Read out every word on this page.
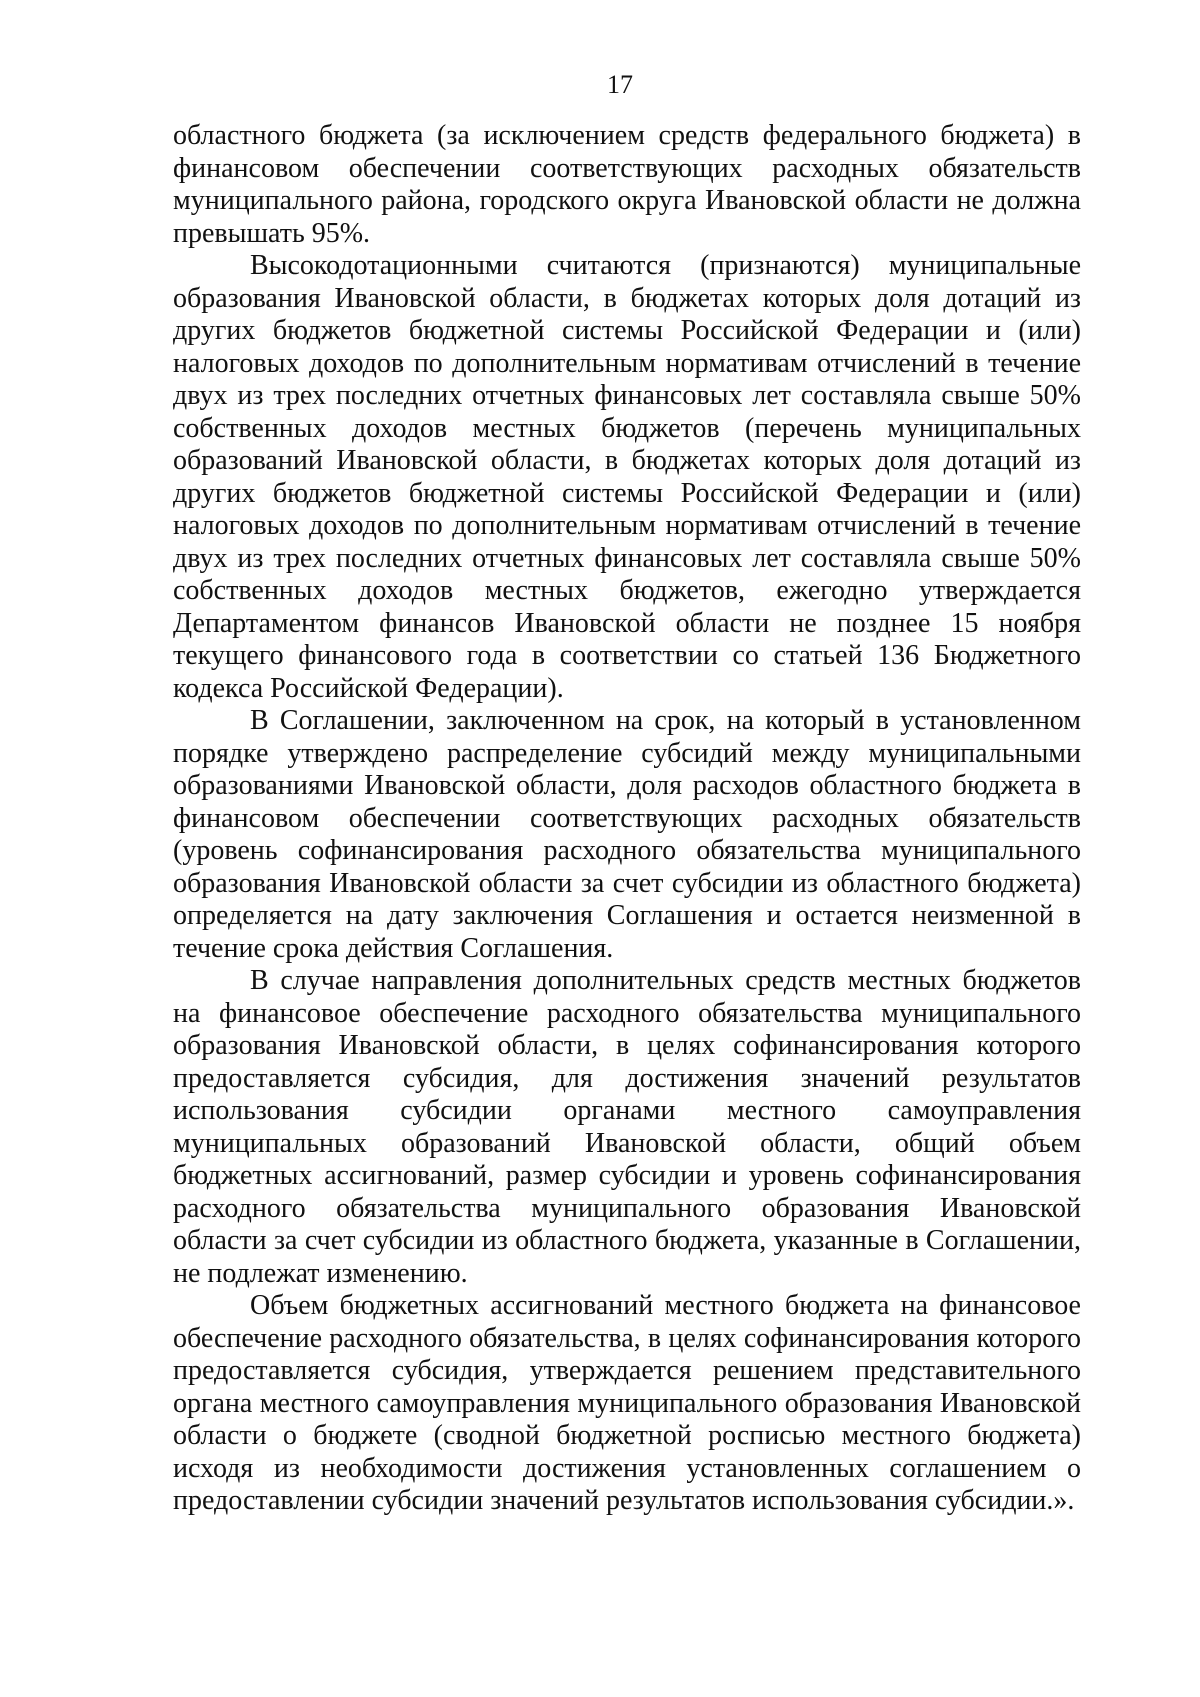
17

областного бюджета (за исключением средств федерального бюджета) в финансовом обеспечении соответствующих расходных обязательств муниципального района, городского округа Ивановской области не должна превышать 95%.

Высокодотационными считаются (признаются) муниципальные образования Ивановской области, в бюджетах которых доля дотаций из других бюджетов бюджетной системы Российской Федерации и (или) налоговых доходов по дополнительным нормативам отчислений в течение двух из трех последних отчетных финансовых лет составляла свыше 50% собственных доходов местных бюджетов (перечень муниципальных образований Ивановской области, в бюджетах которых доля дотаций из других бюджетов бюджетной системы Российской Федерации и (или) налоговых доходов по дополнительным нормативам отчислений в течение двух из трех последних отчетных финансовых лет составляла свыше 50% собственных доходов местных бюджетов, ежегодно утверждается Департаментом финансов Ивановской области не позднее 15 ноября текущего финансового года в соответствии со статьей 136 Бюджетного кодекса Российской Федерации).

В Соглашении, заключенном на срок, на который в установленном порядке утверждено распределение субсидий между муниципальными образованиями Ивановской области, доля расходов областного бюджета в финансовом обеспечении соответствующих расходных обязательств (уровень софинансирования расходного обязательства муниципального образования Ивановской области за счет субсидии из областного бюджета) определяется на дату заключения Соглашения и остается неизменной в течение срока действия Соглашения.

В случае направления дополнительных средств местных бюджетов на финансовое обеспечение расходного обязательства муниципального образования Ивановской области, в целях софинансирования которого предоставляется субсидия, для достижения значений результатов использования субсидии органами местного самоуправления муниципальных образований Ивановской области, общий объем бюджетных ассигнований, размер субсидии и уровень софинансирования расходного обязательства муниципального образования Ивановской области за счет субсидии из областного бюджета, указанные в Соглашении, не подлежат изменению.

Объем бюджетных ассигнований местного бюджета на финансовое обеспечение расходного обязательства, в целях софинансирования которого предоставляется субсидия, утверждается решением представительного органа местного самоуправления муниципального образования Ивановской области о бюджете (сводной бюджетной росписью местного бюджета) исходя из необходимости достижения установленных соглашением о предоставлении субсидии значений результатов использования субсидии.».
